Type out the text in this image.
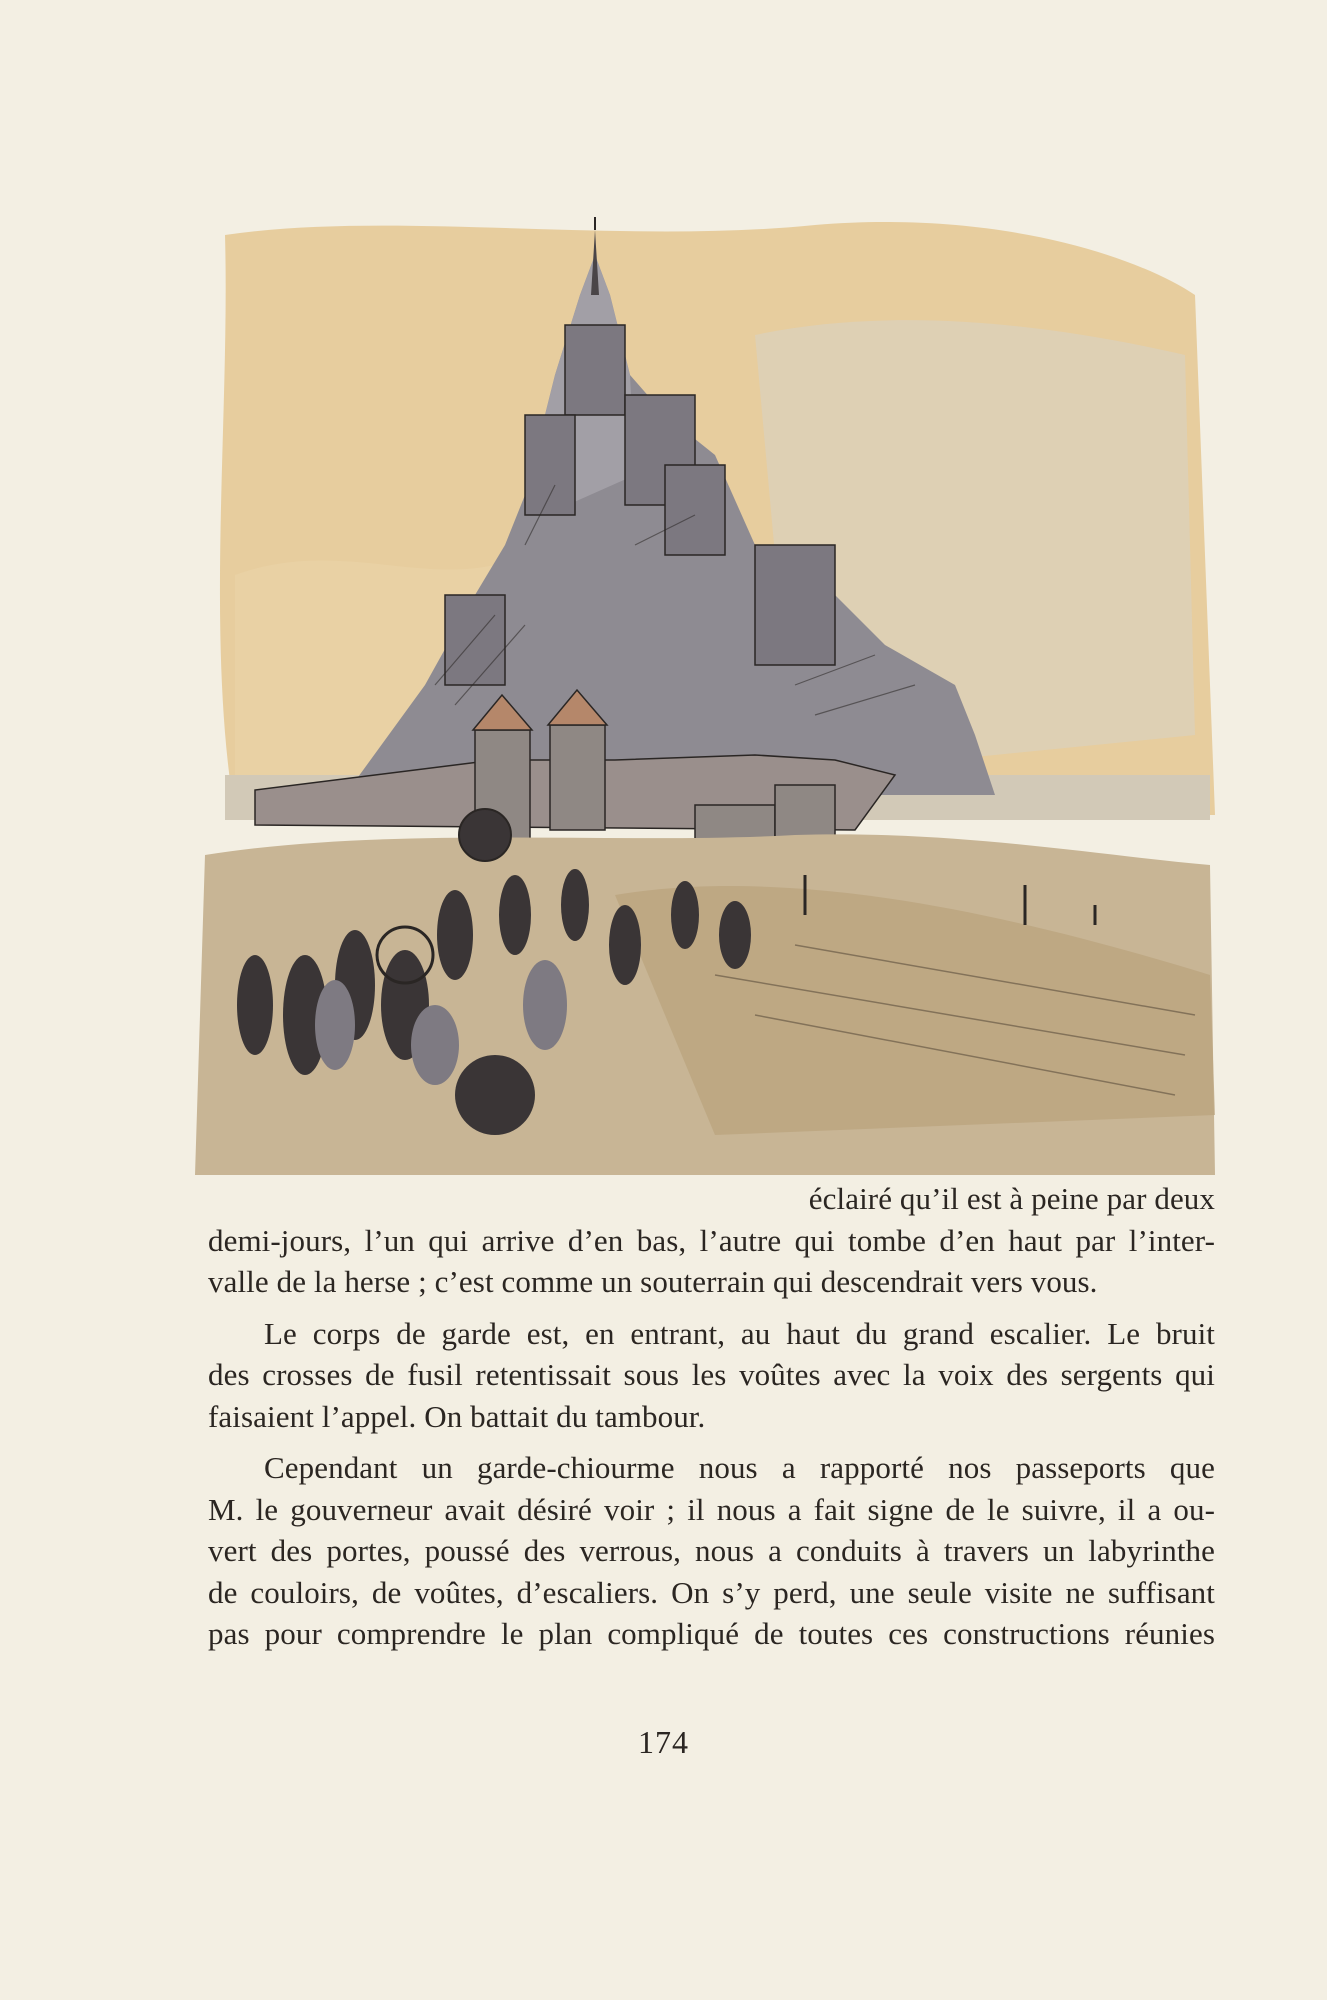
éclairé qu’il est à peine par deux
demi-jours, l’un qui arrive d’en bas, l’autre qui tombe d’en haut par l’inter-
valle de la herse ; c’est comme un souterrain qui descendrait vers vous.
Le corps de garde est, en entrant, au haut du grand escalier. Le bruit
des crosses de fusil retentissait sous les voûtes avec la voix des sergents qui
faisaient l’appel. On battait du tambour.
Cependant un garde-chiourme nous a rapporté nos passeports que
M. le gouverneur avait désiré voir ; il nous a fait signe de le suivre, il a ou-
vert des portes, poussé des verrous, nous a conduits à travers un labyrinthe
de couloirs, de voûtes, d’escaliers. On s’y perd, une seule visite ne suffisant
pas pour comprendre le plan compliqué de toutes ces constructions réunies
174
